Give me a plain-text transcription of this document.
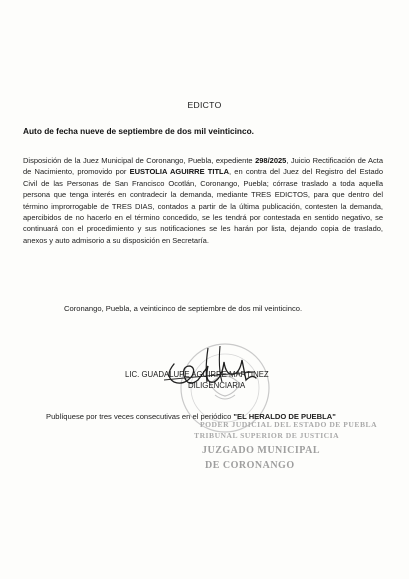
EDICTO
Auto de fecha nueve de septiembre de dos mil veinticinco.
Disposición de la Juez Municipal de Coronango, Puebla, expediente 298/2025, Juicio Rectificación de Acta de Nacimiento, promovido por EUSTOLIA AGUIRRE TITLA, en contra del Juez del Registro del Estado Civil de las Personas de San Francisco Ocotlán, Coronango, Puebla; córrase traslado a toda aquella persona que tenga interés en contradecir la demanda, mediante TRES EDICTOS, para que dentro del término improrrogable de TRES DIAS, contados a partir de la última publicación, contesten la demanda, apercibidos de no hacerlo en el término concedido, se les tendrá por contestada en sentido negativo, se continuará con el procedimiento y sus notificaciones se les harán por lista, dejando copia de traslado, anexos y auto admisorio a su disposición en Secretaría.
Coronango, Puebla, a veinticinco de septiembre de dos mil veinticinco.
LIC. GUADALUPE AGUIRRE MARTINEZ
DILIGENCIARIA
Publíquese por tres veces consecutivas en el periódico "EL HERALDO DE PUEBLA"
PODER JUDICIAL DEL ESTADO DE PUEBLA
TRIBUNAL SUPERIOR DE JUSTICIA
JUZGADO MUNICIPAL
DE CORONANGO
